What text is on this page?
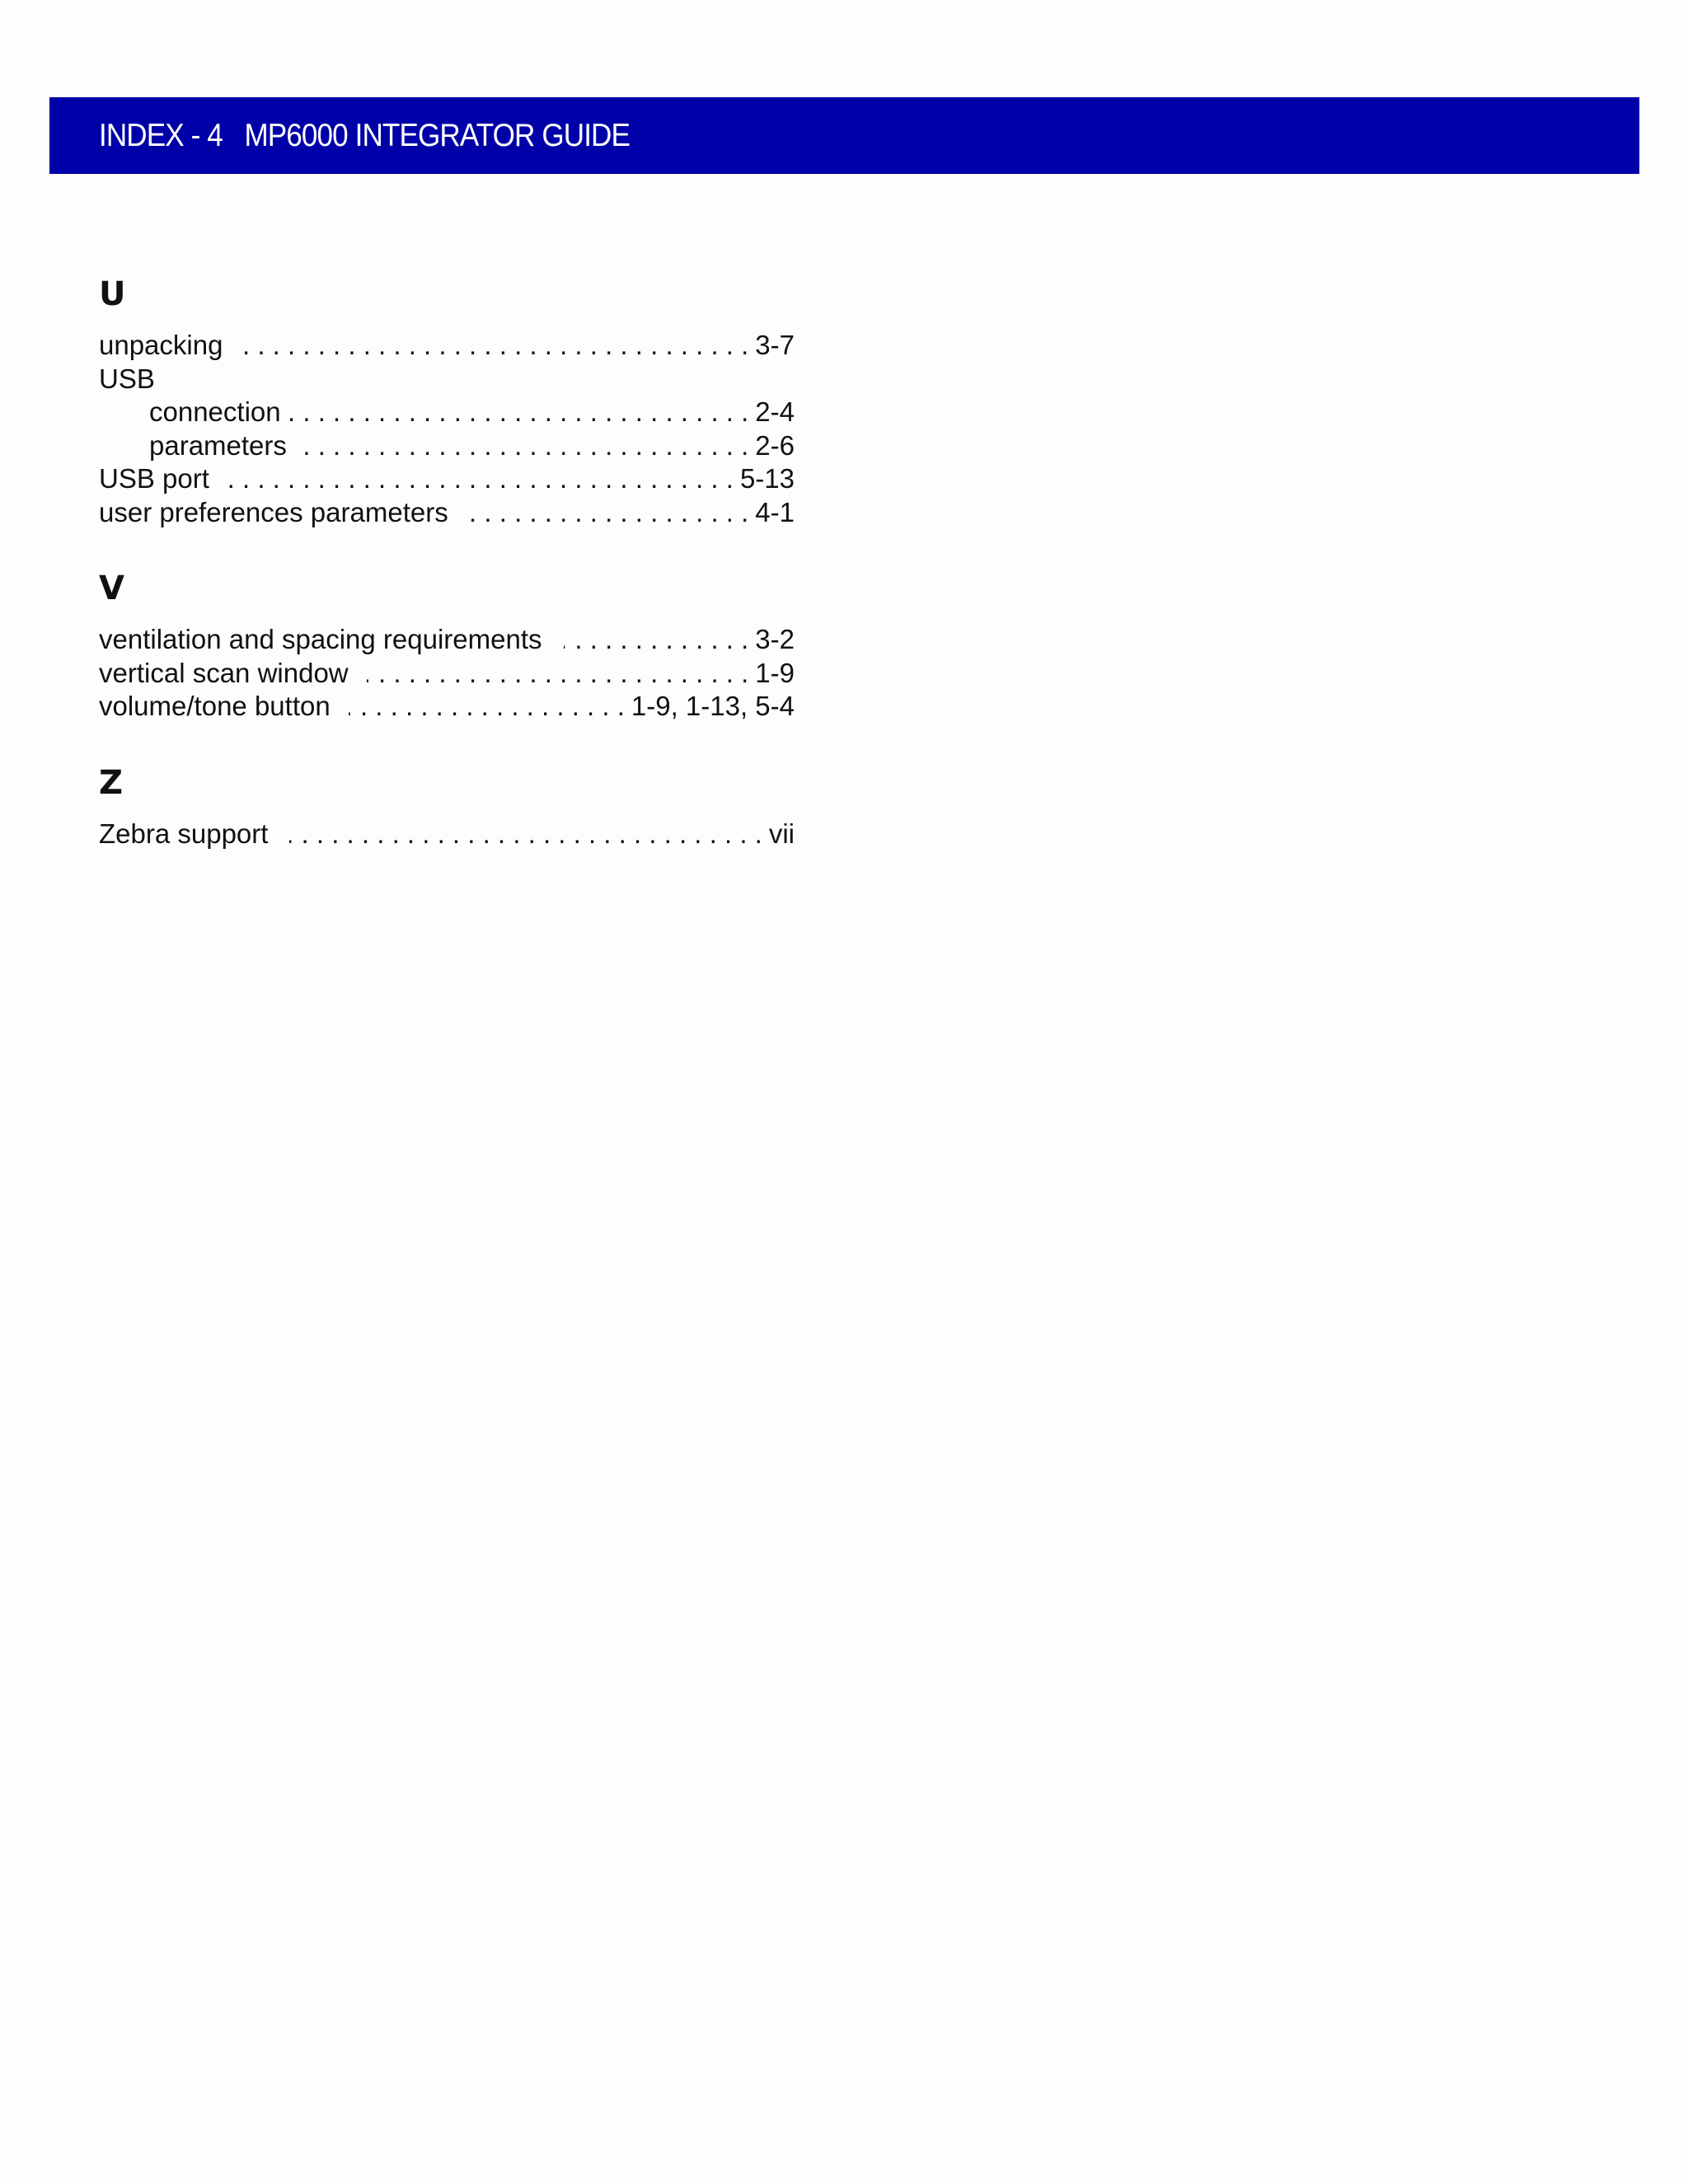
INDEX - 4   MP6000 INTEGRATOR GUIDE
U
unpacking . . .	3-7
USB
connection . . .	2-4
parameters . . .	2-6
USB port . . .	5-13
user preferences parameters . . .	4-1
V
ventilation and spacing requirements . . .	3-2
vertical scan window . . .	1-9
volume/tone button . . .	1-9, 1-13, 5-4
Z
Zebra support . . .	vii
